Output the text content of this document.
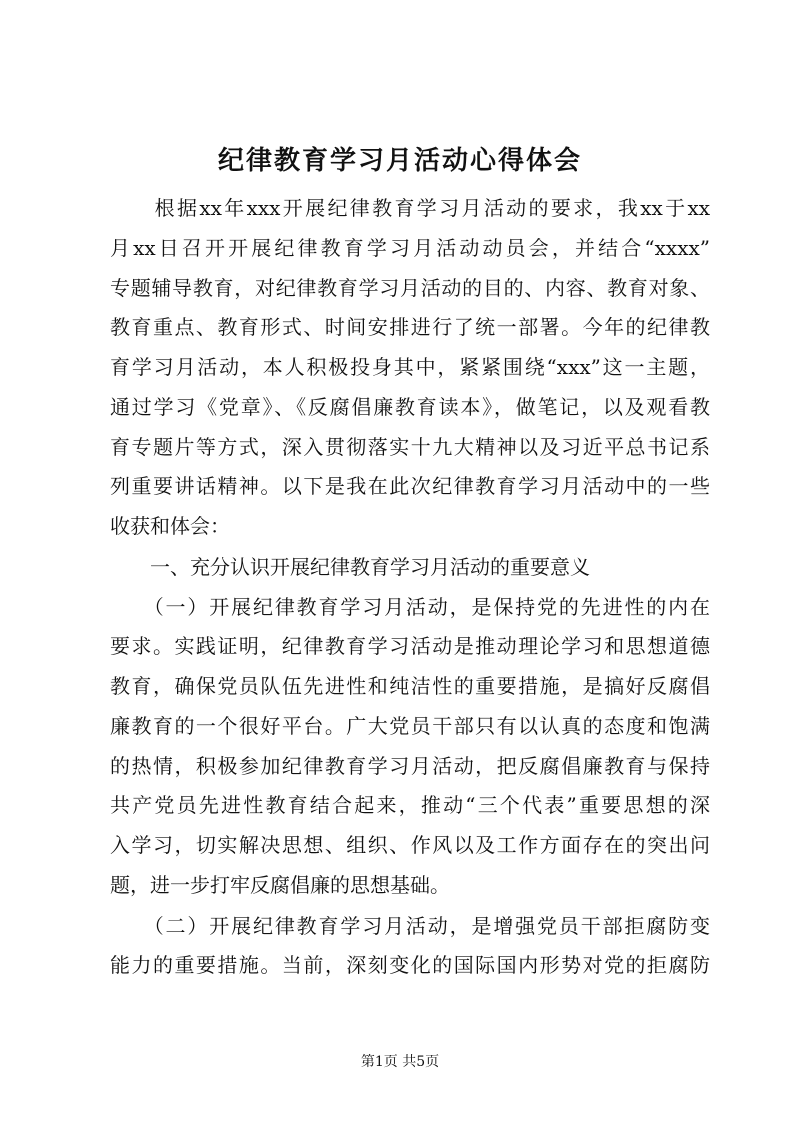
纪律教育学习月活动心得体会
　　根据xx年xxx开展纪律教育学习月活动的要求，我xx于xx
月xx日召开开展纪律教育学习月活动动员会，并结合“xxxx”
专题辅导教育，对纪律教育学习月活动的目的、内容、教育对象、
教育重点、教育形式、时间安排进行了统一部署。今年的纪律教
育学习月活动，本人积极投身其中，紧紧围绕“xxx”这一主题，
通过学习《党章》、《反腐倡廉教育读本》，做笔记，以及观看教
育专题片等方式，深入贯彻落实十九大精神以及习近平总书记系
列重要讲话精神。以下是我在此次纪律教育学习月活动中的一些
收获和体会：
　　一、充分认识开展纪律教育学习月活动的重要意义
　　（一）开展纪律教育学习月活动，是保持党的先进性的内在
要求。实践证明，纪律教育学习活动是推动理论学习和思想道德
教育，确保党员队伍先进性和纯洁性的重要措施，是搞好反腐倡
廉教育的一个很好平台。广大党员干部只有以认真的态度和饱满
的热情，积极参加纪律教育学习月活动，把反腐倡廉教育与保持
共产党员先进性教育结合起来，推动“三个代表”重要思想的深
入学习，切实解决思想、组织、作风以及工作方面存在的突出问
题，进一步打牢反腐倡廉的思想基础。
　　（二）开展纪律教育学习月活动，是增强党员干部拒腐防变
能力的重要措施。当前，深刻变化的国际国内形势对党的拒腐防
第1页 共5页
